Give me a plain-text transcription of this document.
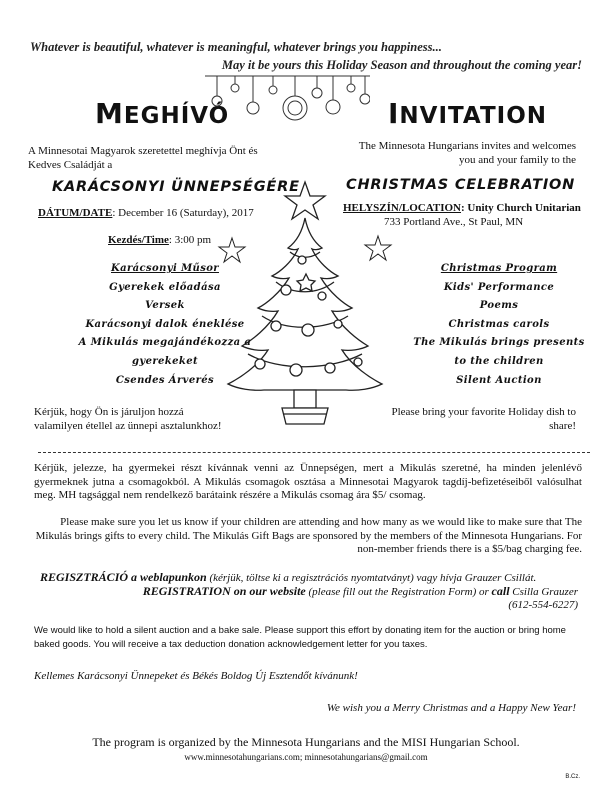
Whatever is beautiful, whatever is meaningful, whatever brings you happiness...
May it be yours this Holiday Season and throughout the coming year!
MEGHÍVÓ	INVITATION
A Minnesotai Magyarok szeretettel meghívja Önt és Kedves Családját a
The Minnesota Hungarians invites and welcomes
you and your family to the
KARÁCSONYI ÜNNEPSÉGÉRE	CHRISTMAS CELEBRATION
DÁTUM/DATE: December 16 (Saturday), 2017
Kezdés/Time: 3:00 pm
HELYSZÍN/LOCATION: Unity Church Unitarian
733 Portland Ave., St Paul, MN
Karácsonyi Műsor
Gyerekek előadása
Versek
Karácsonyi dalok éneklése
A Mikulás megajándékozza a
gyerekeket
Csendes Árverés
Christmas Program
Kids' Performance
Poems
Christmas carols
The Mikulás brings presents
to the children
Silent Auction
Kérjük, hogy Ön is járuljon hozzá
valamilyen étellel az ünnepi asztalunkhoz!
Please bring your favorite Holiday dish to
share!
Kérjük, jelezze, ha gyermekei részt kívánnak venni az Ünnepségen, mert a Mikulás szeretné, ha minden jelenlévő gyermeknek jutna a csomagokból. A Mikulás csomagok osztása a Minnesotai Magyarok tagdíj-befizetéseiből valósulhat meg. MH tagsággal nem rendelkező barátaink részére a Mikulás csomag ára $5/ csomag.
Please make sure you let us know if your children are attending and how many as we would like to make sure that The Mikulás brings gifts to every child. The Mikulás Gift Bags are sponsored by the members of the Minnesota Hungarians. For non-member friends there is a $5/bag charging fee.
REGISZTRÁCIÓ a weblapunkon (kérjük, töltse ki a regisztrációs nyomtatványt) vagy hívja Grauzer Csillát.
REGISTRATION on our website (please fill out the Registration Form) or call Csilla Grauzer
(612-554-6227)
We would like to hold a silent auction and a bake sale. Please support this effort by donating item for the auction or bring home baked goods. You will receive a tax deduction donation acknowledgement letter for you taxes.
Kellemes Karácsonyi Ünnepeket és Békés Boldog Új Esztendőt kívánunk!
We wish you a Merry Christmas and a Happy New Year!
The program is organized by the Minnesota Hungarians and the MISI Hungarian School.
www.minnesotahungarians.com; minnesotahungarians@gmail.com
B.Cz.
